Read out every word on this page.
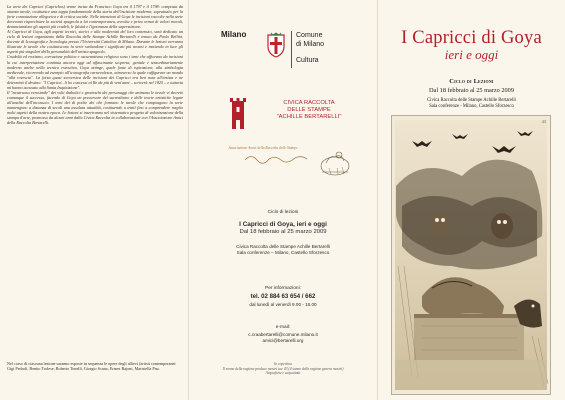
La serie dei Capricci (Caprichos) venne incisa da Francisco Goya tra il 1797 e il 1798: composta da ottanta tavole, costituisce una tappa fondamentale della storia dell'incisione moderna, soprattutto per la forte connotazione allegorica e di critica sociale. Nelle intenzioni di Goya le incisioni raccolte nella serie dovevano rispecchiare la società spagnola a lui contemporanea, avvolta e priva ormai di valori morali, denunciandone gli aspetti più crudeli, le falsità e l'ignoranza della superstizione.

Ai Capricci di Goya, agli aspetti tecnici, storici e alla modernità del loro contenuto, sarà dedicato un ciclo di lezioni organizzato dalla Raccolta delle Stampe Achille Bertarelli e tenuto da Paolo Bellini, docente di Iconografia e Iconologia presso l'Università Cattolica di Milano. Durante le lezioni verranno illustrate le tavole che costituiscono la serie svelandone i significati più arcani e mettendo in luce gli aspetti più singolari della personalità dell'artista spagnolo.

Crudeltà ed erotismo, corruzione politica e oscurantismo religioso sono i temi che affiorano da incisioni la cui interpretazione continua ancora oggi ad affascinante scoperta; geniale e straordinariamente moderno anche nella tecnica esecutiva, Goya attinge, quale fonte di ispirazione, alla simbologia medievale, ricorrendo ad esempio all'iconografia carnevalesca, attraverso la quale raffigurare un mondo "alla rovescia". La forza quasi sovversiva delle incisioni dei Capricci era ben nota all'artista e ne determinò il destino: "I Capricci...li ho concessi al Re da più di vent'anni – scriverà nel 1825 – e tuttavia mi hanno accusato alla Santa Inquisizione".

Il "mostruoso verosimile" dei volti diabolici e grotteschi dei personaggi che animano le tavole vi decretò comunque il successo, facendo di Goya un precursore del surrealismo e delle teorie artistiche legate all'analisi dell'inconscio. I temi dei di poche dei che formano le tavole che compongono la serie mantengono a distanza di secoli una assoluta attualità, costituendo a tratti fino a comprendere meglio molti aspetti della nostra epoca. Le lezioni si inseriranno nel sistematico progetto di valorizzazione della stampa d'arte, promosso da alcuni anni dalla Civica Raccolta in collaborazione con l'Associazione Amici della Raccolta Bertarelli.

Nel corso di ciascuna lezione saranno esposte in sequenza le opere degli allievi (artisti contemporanei Gigi Pedroli, Benito Trolese, Roberto Tonelli, Giorgio Scano, Ermes Bajoni, Maristella Pau.

Milano	Comune
di Milano
Cultura
CIVICA RACCOLTA
DELLE STAMPE
"ACHILLE BERTARELLI"
Associazione Amici della Raccolta delle Stampe
Ciclo di lezioni
I Capricci di Goya, ieri e oggi
Dal 18 febbraio al 25 marzo 2009
Civica Raccolta delle Stampe Achille Bertarelli
Sala conferenze – Milano, Castello Sforzesco
Per informazioni:
tel. 02 884 63 654 / 662
dal lunedì al venerdì 9.00 - 16.00
e-mail:
c.craabertarelli@comune.milano.it
amici@bertarelli.org
In copertina
Il sonno della ragione produce mostri tav. 43 (il sonno della ragione genera mostri)
Acquaforte e acquatinta
I Capricci di Goya
ieri e oggi
Ciclo di Lezioni
Dal 18 febbraio al 25 marzo 2009
Civica Raccolta delle Stampe Achille Bertarelli
Sala conferenze - Milano, Castello Sforzesco
43
